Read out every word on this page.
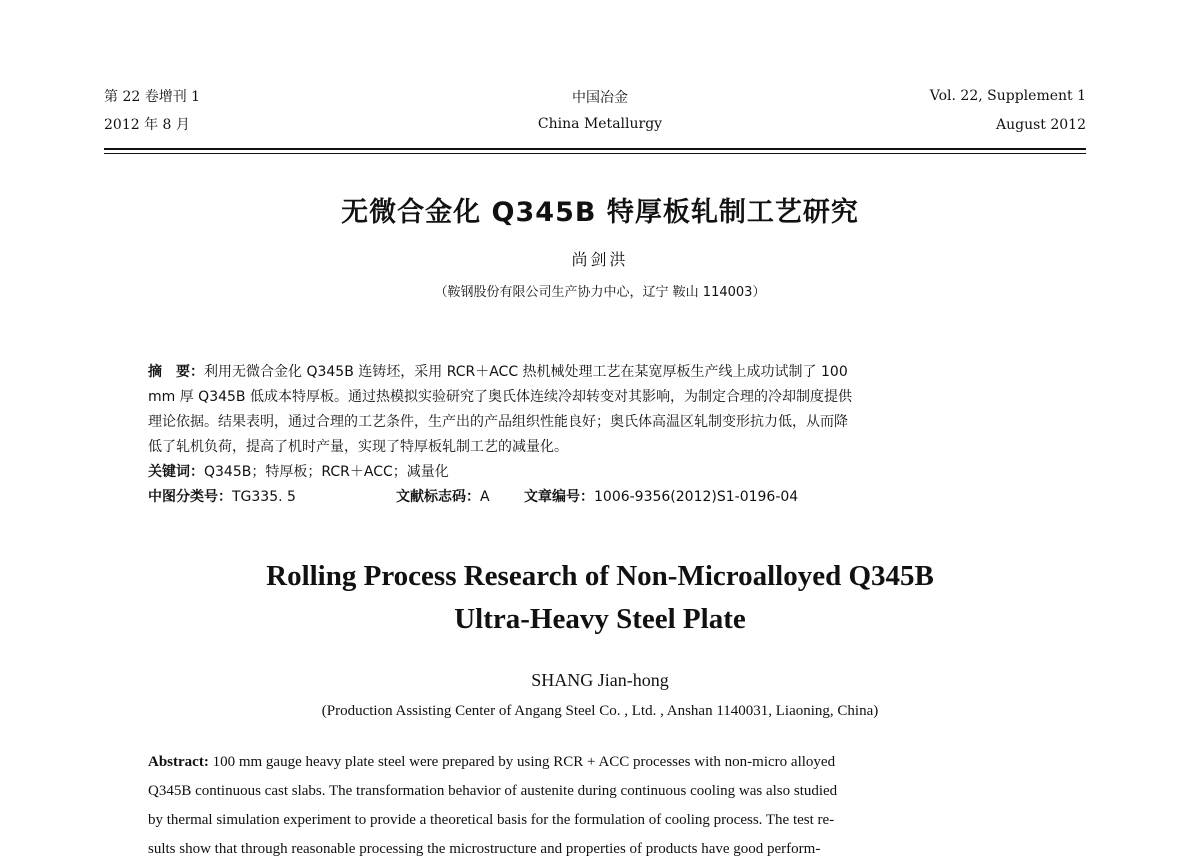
第 22 卷增刊 1
2012 年 8 月
中国冶金
China Metallurgy
Vol. 22, Supplement 1
August 2012
无微合金化 Q345B 特厚板轧制工艺研究
尚剑洪
（鞍钢股份有限公司生产协力中心，辽宁 鞍山 114003）
摘　要：利用无微合金化 Q345B 连铸坯，采用 RCR＋ACC 热机械处理工艺在某宽厚板生产线上成功试制了 100
mm 厚 Q345B 低成本特厚板。通过热模拟实验研究了奥氏体连续冷却转变对其影响，为制定合理的冷却制度提供
理论依据。结果表明，通过合理的工艺条件，生产出的产品组织性能良好；奥氏体高温区轧制变形抗力低，从而降
低了轧机负荷，提高了机时产量，实现了特厚板轧制工艺的减量化。
关键词：Q345B；特厚板；RCR＋ACC；减量化
中图分类号：TG335. 5	文献标志码：A 文章编号：1006-9356(2012)S1-0196-04
Rolling Process Research of Non-Microalloyed Q345B
Ultra-Heavy Steel Plate
SHANG Jian-hong
(Production Assisting Center of Angang Steel Co. , Ltd. , Anshan 1140031, Liaoning, China)
Abstract: 100 mm gauge heavy plate steel were prepared by using RCR + ACC processes with non-micro alloyed
Q345B continuous cast slabs. The transformation behavior of austenite during continuous cooling was also studied
by thermal simulation experiment to provide a theoretical basis for the formulation of cooling process. The test re-
sults show that through reasonable processing the microstructure and properties of products have good perform-
